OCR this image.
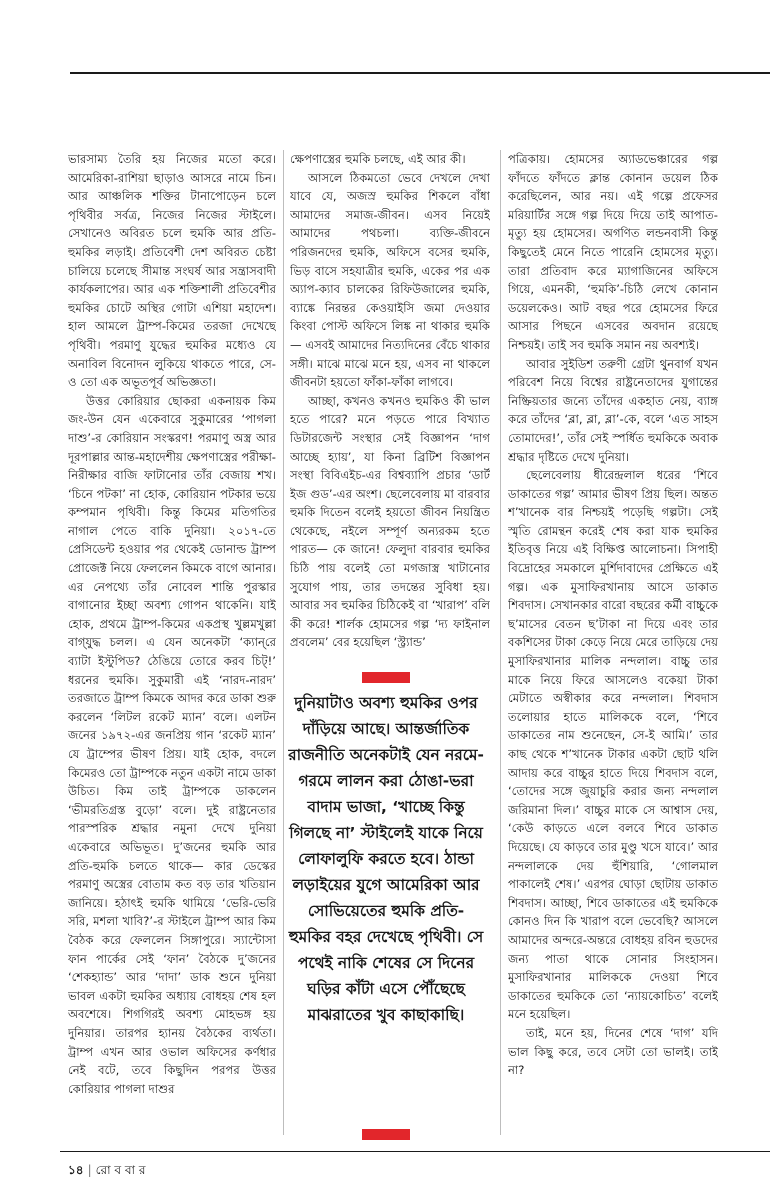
ভারসাম্য তৈরি হয় নিজের মতো করে। আমেরিকা-রাশিয়া ছাড়াও আসরে নামে চিন। আর আঞ্চলিক শক্তির টানাপোড়েন চলে পৃথিবীর সর্বত্র, নিজের নিজের স্টাইলে। সেখানেও অবিরত চলে হুমকি আর প্রতি-হুমকির লড়াই। প্রতিবেশী দেশ অবিরত চেষ্টা চালিয়ে চলেছে সীমান্ত সংঘর্ষ আর সন্ত্রাসবাদী কার্যকলাপের। আর এক শক্তিশালী প্রতিবেশীর হুমকির চোটে অস্থির গোটা এশিয়া মহাদেশ। হাল আমলে ট্রাম্প-কিমের তরজা দেখেছে পৃথিবী। পরমাণু যুদ্ধের হুমকির মধ্যেও যে অনাবিল বিনোদন লুকিয়ে থাকতে পারে, সে-ও তো এক অভূতপূর্ব অভিজ্ঞতা।

উত্তর কোরিয়ার ছোকরা একনায়ক কিম জং-উন যেন একেবারে সুকুমারের ‘পাগলা দাশু’-র কোরিয়ান সংস্করণ! পরমাণু অস্ত্র আর দূরপাল্লার আন্ত-মহাদেশীয় ক্ষেপণাস্ত্রের পরীক্ষা-নিরীক্ষার বাজি ফাটানোর তাঁর বেজায় শখ। ‘চিনে পটকা’ না হোক, কোরিয়ান পটকার ভয়ে কম্পমান পৃথিবী। কিন্তু কিমের মতিগতির নাগাল পেতে বাকি দুনিয়া। ২০১৭-তে প্রেসিডেন্ট হওয়ার পর থেকেই ডোনাল্ড ট্রাম্প প্রোজেক্ট নিয়ে ফেললেন কিমকে বাগে আনার। এর নেপথ্যে তাঁর নোবেল শান্তি পুরস্কার বাগানোর ইচ্ছা অবশ্য গোপন থাকেনি। যাই হোক, প্রথমে ট্রাম্প-কিমের একপ্রস্থ খুল্লমখুল্লা বাগ্‌যুদ্ধ চলল। এ যেন অনেকটা ‘ক্যান্‌রে ব্যাটা ইস্টুপিড? ঠেঙিয়ে তোরে করব চিট্‌!’ ধরনের হুমকি। সুকুমারী এই ‘নারদ-নারদ’ তরজাতে ট্রাম্প কিমকে আদর করে ডাকা শুরু করলেন ‘লিটল রকেট ম্যান’ বলে। এলটন জনের ১৯৭২-এর জনপ্রিয় গান ‘রকেট ম্যান’ যে ট্রাম্পের ভীষণ প্রিয়। যাই হোক, বদলে কিমেরও তো ট্রাম্পকে নতুন একটা নামে ডাকা উচিত। কিম তাই ট্রাম্পকে ডাকলেন ‘ভীমরতিগ্রস্ত বুড়ো’ বলে। দুই রাষ্ট্রনেতার পারস্পরিক শ্রদ্ধার নমুনা দেখে দুনিয়া একেবারে অভিভূত। দু’জনের হুমকি আর প্রতি-হুমকি চলতে থাকে— কার ডেস্কের পরমাণু অস্ত্রের বোতাম কত বড় তার খতিয়ান জানিয়ে। হঠাৎই হুমকি থামিয়ে ‘ভেরি-ভেরি সরি, মশলা খাবি?’-র স্টাইলে ট্রাম্প আর কিম বৈঠক করে ফেললেন সিঙ্গাপুরে। স্যান্টোসা ফান পার্কের সেই ‘ফান’ বৈঠকে দু’জনের ‘শেকহ্যান্ড’ আর ‘দাদা’ ডাক শুনে দুনিয়া ভাবল একটা হুমকির অধ্যায় বোধহয় শেষ হল অবশেষে। শিগগিরই অবশ্য মোহভঙ্গ হয় দুনিয়ার। তারপর হ্যানয় বৈঠকের ব্যর্থতা। ট্রাম্প এখন আর ওভাল অফিসের কর্ণধার নেই বটে, তবে কিছুদিন পরপর উত্তর কোরিয়ার পাগলা দাশুর

ক্ষেপণাস্ত্রের হুমকি চলছে, এই আর কী।

আসলে ঠিকমতো ভেবে দেখলে দেখা যাবে যে, অজস্র হুমকির শিকলে বাঁধা আমাদের সমাজ-জীবন। এসব নিয়েই আমাদের পথচলা। ব্যক্তি-জীবনে পরিজনদের হুমকি, অফিসে বসের হুমকি, ভিড় বাসে সহযাত্রীর হুমকি, একের পর এক অ্যাপ-ক্যাব চালকের রিফিউজালের হুমকি, ব্যাঙ্কে নিরন্তর কেওয়াইসি জমা দেওয়ার কিংবা পোস্ট অফিসে লিঙ্ক না থাকার হুমকি— এসবই আমাদের নিত্যদিনের বেঁচে থাকার সঙ্গী। মাঝে মাঝে মনে হয়, এসব না থাকলে জীবনটা হয়তো ফাঁকা-ফাঁকা লাগবে।

আচ্ছা, কখনও কখনও হুমকিও কী ভাল হতে পারে? মনে পড়তে পারে বিখ্যাত ডিটারজেন্ট সংস্থার সেই বিজ্ঞাপন ‘দাগ আচ্ছে হ্যায়’, যা কিনা ব্রিটিশ বিজ্ঞাপন সংস্থা বিবিএইচ-এর বিশ্বব্যাপি প্রচার ‘ডার্ট ইজ গুড’-এর অংশ। ছেলেবেলায় মা বারবার হুমকি দিতেন বলেই হয়তো জীবন নিয়ন্ত্রিত থেকেছে, নইলে সম্পূর্ণ অন্যরকম হতে পারত— কে জানে! ফেলুদা বারবার হুমকির চিঠি পায় বলেই তো মগজাস্ত্র খাটানোর সুযোগ পায়, তার তদন্তের সুবিধা হয়। আবার সব হুমকির চিঠিকেই বা ‘খারাপ’ বলি কী করে! শার্লক হোমসের গল্প ‘দ্য ফাইনাল প্রবলেম’ বের হয়েছিল ‘স্ট্র্যান্ড’

দুনিয়াটাও অবশ্য হুমকির ওপর দাঁড়িয়ে আছে। আন্তর্জাতিক রাজনীতি অনেকটাই যেন নরমে-গরমে লালন করা ঠোঙা-ভরা বাদাম ভাজা, ‘খাচ্ছে কিন্তু গিলছে না’ স্টাইলেই যাকে নিয়ে লোফালুফি করতে হবে। ঠান্ডা লড়াইয়ের যুগে আমেরিকা আর সোভিয়েতের হুমকি প্রতি-হুমকির বহর দেখেছে পৃথিবী। সে পথেই নাকি শেষের সে দিনের ঘড়ির কাঁটা এসে পৌঁছেছে মাঝরাতের খুব কাছাকাছি।

পত্রিকায়। হোমসের অ্যাডভেঞ্চারের গল্প ফাঁদতে ফাঁদতে ক্লান্ত কোনান ডয়েল ঠিক করেছিলেন, আর নয়। এই গল্পে প্রফেসর মরিয়ার্টির সঙ্গে গল্প দিয়ে দিয়ে তাই আপাত-মৃত্যু হয় হোমসের। অগণিত লন্ডনবাসী কিন্তু কিছুতেই মেনে নিতে পারেনি হোমসের মৃত্যু। তারা প্রতিবাদ করে ম্যাগাজিনের অফিসে গিয়ে, এমনকী, ‘হুমকি’-চিঠি লেখে কোনান ডয়েলকেও। আট বছর পরে হোমসের ফিরে আসার পিছনে এসবের অবদান রয়েছে নিশ্চয়ই। তাই সব হুমকি সমান নয় অবশ্যই।

আবার সুইডিশ তরুণী গ্রেটা থুনবার্গ যখন পরিবেশ নিয়ে বিশ্বের রাষ্ট্রনেতাদের যুগান্তের নিষ্ক্রিয়তার জন্যে তাঁদের একহাত নেয়, ব্যাঙ্গ করে তাঁদের ‘ব্লা, ব্লা, ব্লা’-কে, বলে ‘এত সাহস তোমাদের!’, তাঁর সেই স্পর্ধিত হুমকিকে অবাক শ্রদ্ধার দৃষ্টিতে দেখে দুনিয়া।

ছেলেবেলায় ধীরেন্দ্রলাল ধরের ‘শিবে ডাকাতের গল্প’ আমার ভীষণ প্রিয় ছিল। অন্তত শ’খানেক বার নিশ্চয়ই পড়েছি গল্পটা। সেই স্মৃতি রোমন্থন করেই শেষ করা যাক হুমকির ইতিবৃত্ত নিয়ে এই বিক্ষিপ্ত আলোচনা। সিপাহী বিদ্রোহের সমকালে মুর্শিদাবাদের প্রেক্ষিতে এই গল্প। এক মুসাফিরখানায় আসে ডাকাত শিবদাস। সেখানকার বারো বছরের কর্মী বাচ্চুকে ছ’মাসের বেতন ছ’টাকা না দিয়ে এবং তার বকশিসের টাকা কেড়ে নিয়ে মেরে তাড়িয়ে দেয় মুসাফিরখানার মালিক নন্দলাল। বাচ্চু তার মাকে নিয়ে ফিরে আসলেও বকেয়া টাকা মেটাতে অস্বীকার করে নন্দলাল। শিবদাস তলোয়ার হাতে মালিককে বলে, ‘শিবে ডাকাতের নাম শুনেছেন, সে-ই আমি।’ তার কাছ থেকে শ’খানেক টাকার একটা ছোট থলি আদায় করে বাচ্চুর হাতে দিয়ে শিবদাস বলে, ‘তোদের সঙ্গে জুয়াচুরি করার জন্য নন্দলাল জরিমানা দিল।’ বাচ্চুর মাকে সে আশ্বাস দেয়, ‘কেউ কাড়তে এলে বলবে শিবে ডাকাত দিয়েছে। যে কাড়বে তার মুণ্ডু খসে যাবে।’ আর নন্দলালকে দেয় হুঁশিয়ারি, ‘গোলমাল পাকালেই শেষ।’ এরপর ঘোড়া ছোটায় ডাকাত শিবদাস। আচ্ছা, শিবে ডাকাতের এই হুমকিকে কোনও দিন কি খারাপ বলে ভেবেছি? আসলে আমাদের অন্দরে-অন্তরে বোধহয় রবিন হুডদের জন্য পাতা থাকে সোনার সিংহাসন। মুসাফিরখানার মালিককে দেওয়া শিবে ডাকাতের হুমকিকে তো ‘ন্যায়কোচিত’ বলেই মনে হয়েছিল।

তাই, মনে হয়, দিনের শেষে ‘দাগ’ যদি ভাল কিছু করে, তবে সেটা তো ভালই। তাই না?

১৪ | রো ব বা র
